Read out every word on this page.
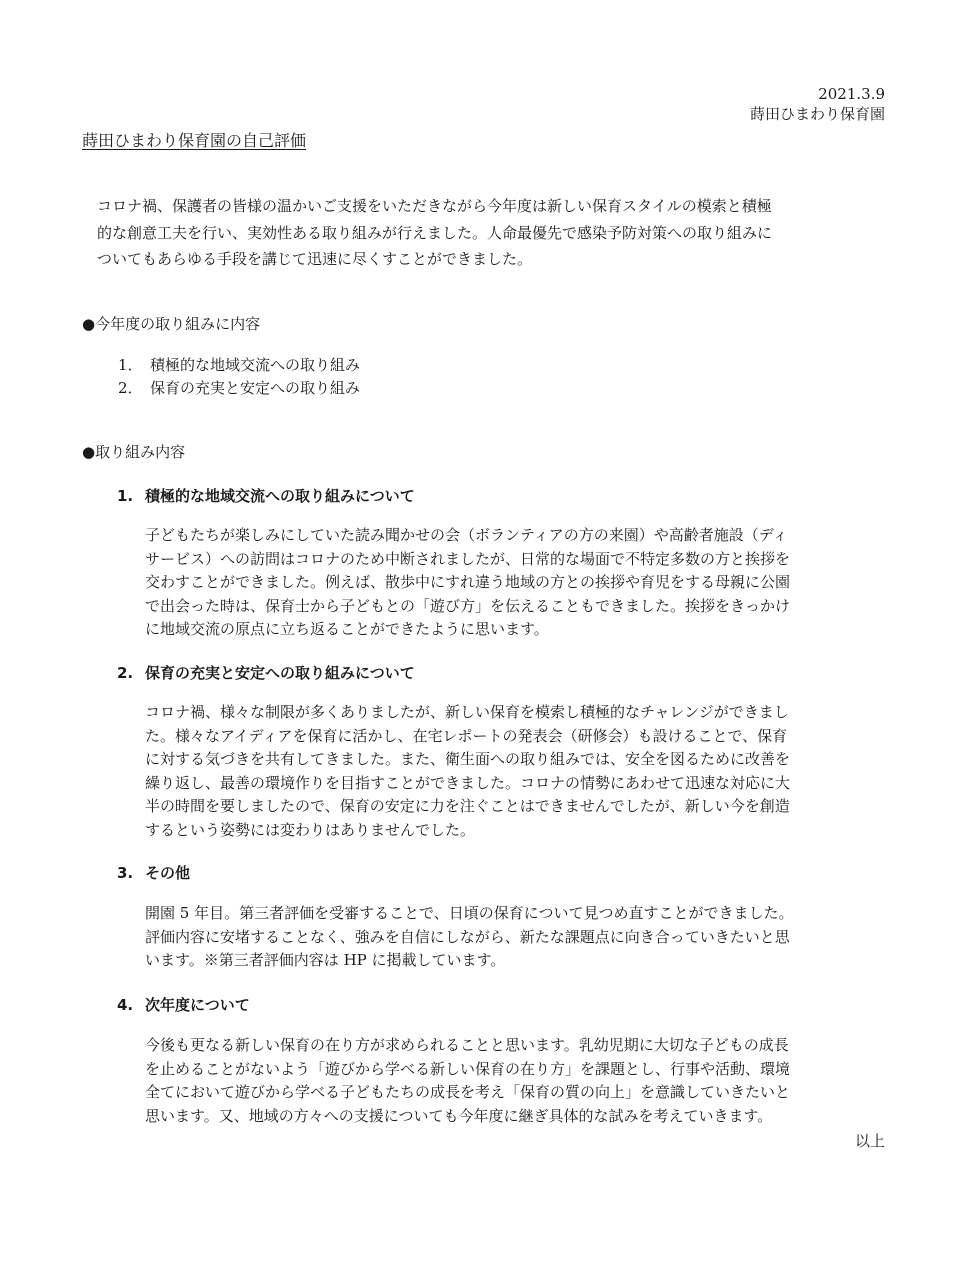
2021.3.9
蒔田ひまわり保育園
蒔田ひまわり保育園の自己評価
コロナ禍、保護者の皆様の温かいご支援をいただきながら今年度は新しい保育スタイルの模索と積極
的な創意工夫を行い、実効性ある取り組みが行えました。人命最優先で感染予防対策への取り組みに
ついてもあらゆる手段を講じて迅速に尽くすことができました。
●今年度の取り組みに内容
1． 積極的な地域交流への取り組み
2． 保育の充実と安定への取り組み
●取り組み内容
1. 積極的な地域交流への取り組みについて
子どもたちが楽しみにしていた読み聞かせの会（ボランティアの方の来園）や高齢者施設（ディ
サービス）への訪問はコロナのため中断されましたが、日常的な場面で不特定多数の方と挨拶を
交わすことができました。例えば、散歩中にすれ違う地域の方との挨拶や育児をする母親に公園
で出会った時は、保育士から子どもとの「遊び方」を伝えることもできました。挨拶をきっかけ
に地域交流の原点に立ち返ることができたように思います。
2. 保育の充実と安定への取り組みについて
コロナ禍、様々な制限が多くありましたが、新しい保育を模索し積極的なチャレンジができまし
た。様々なアイディアを保育に活かし、在宅レポートの発表会（研修会）も設けることで、保育
に対する気づきを共有してきました。また、衛生面への取り組みでは、安全を図るために改善を
繰り返し、最善の環境作りを目指すことができました。コロナの情勢にあわせて迅速な対応に大
半の時間を要しましたので、保育の安定に力を注ぐことはできませんでしたが、新しい今を創造
するという姿勢には変わりはありませんでした。
3. その他
開園 5 年目。第三者評価を受審することで、日頃の保育について見つめ直すことができました。
評価内容に安堵することなく、強みを自信にしながら、新たな課題点に向き合っていきたいと思
います。※第三者評価内容は HP に掲載しています。
4. 次年度について
今後も更なる新しい保育の在り方が求められることと思います。乳幼児期に大切な子どもの成長
を止めることがないよう「遊びから学べる新しい保育の在り方」を課題とし、行事や活動、環境
全てにおいて遊びから学べる子どもたちの成長を考え「保育の質の向上」を意識していきたいと
思います。又、地域の方々への支援についても今年度に継ぎ具体的な試みを考えていきます。
以上
